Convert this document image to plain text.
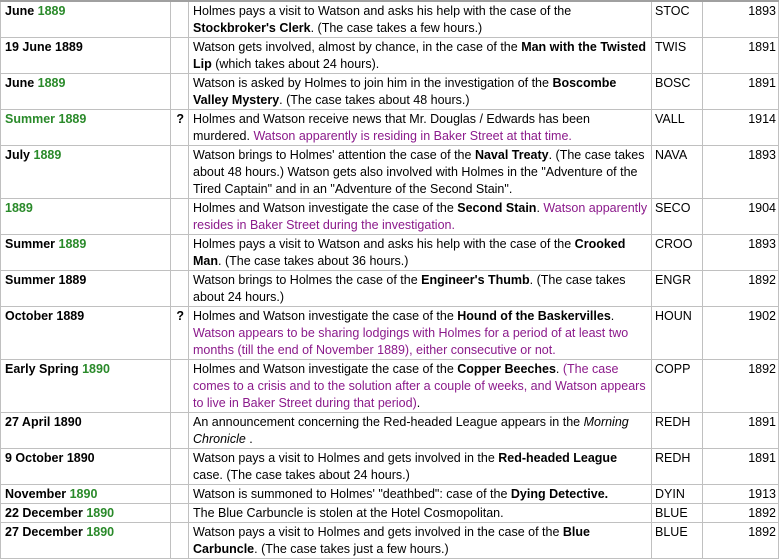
June 1889		Holmes pays a visit to Watson and asks his help with the case of the Stockbroker's Clerk. (The case takes a few hours.)	STOC	1893
19 June 1889		Watson gets involved, almost by chance, in the case of the Man with the Twisted Lip (which takes about 24 hours).	TWIS	1891
June 1889		Watson is asked by Holmes to join him in the investigation of the Boscombe Valley Mystery. (The case takes about 48 hours.)	BOSC	1891
Summer 1889	?	Holmes and Watson receive news that Mr. Douglas / Edwards has been murdered. Watson apparently is residing in Baker Street at that time.	VALL	1914
July 1889		Watson brings to Holmes' attention the case of the Naval Treaty. (The case takes about 48 hours.) Watson gets also involved with Holmes in the "Adventure of the Tired Captain" and in an "Adventure of the Second Stain".	NAVA	1893
1889		Holmes and Watson investigate the case of the Second Stain. Watson apparently resides in Baker Street during the investigation.	SECO	1904
Summer 1889		Holmes pays a visit to Watson and asks his help with the case of the Crooked Man. (The case takes about 36 hours.)	CROO	1893
Summer 1889		Watson brings to Holmes the case of the Engineer's Thumb. (The case takes about 24 hours.)	ENGR	1892
October 1889	?	Holmes and Watson investigate the case of the Hound of the Baskervilles. Watson appears to be sharing lodgings with Holmes for a period of at least two months (till the end of November 1889), either consecutive or not.	HOUN	1902
Early Spring 1890		Holmes and Watson investigate the case of the Copper Beeches. (The case comes to a crisis and to the solution after a couple of weeks, and Watson appears to live in Baker Street during that period).	COPP	1892
27 April 1890		An announcement concerning the Red-headed League appears in the Morning Chronicle .	REDH	1891
9 October 1890		Watson pays a visit to Holmes and gets involved in the Red-headed League case. (The case takes about 24 hours.)	REDH	1891
November 1890		Watson is summoned to Holmes' "deathbed": case of the Dying Detective.	DYIN	1913
22 December 1890		The Blue Carbuncle is stolen at the Hotel Cosmopolitan.	BLUE	1892
27 December 1890		Watson pays a visit to Holmes and gets involved in the case of the Blue Carbuncle. (The case takes just a few hours.)	BLUE	1892
